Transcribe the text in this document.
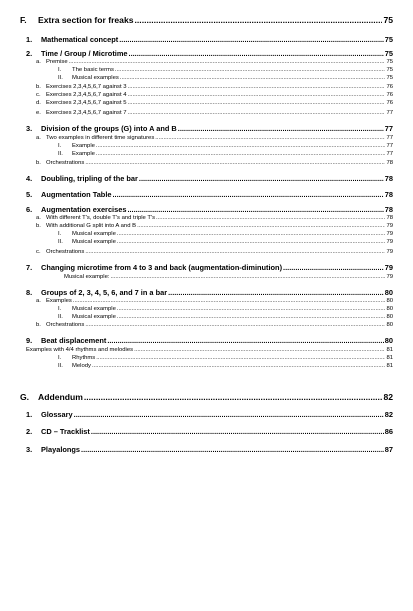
F. Extra section for freaks .....	75
1. Mathematical concept .....	75
2. Time / Group / Microtime .....	75
a. Premise .....	75
I. The basic terms .....	75
II. Musical examples .....	75
b. Exercises 2,3,4,5,6,7 against 3 .....	76
c. Exercises 2,3,4,5,6,7 against 4 .....	76
d. Exercises 2,3,4,5,6,7 against 5 .....	76
e. Exercises 2,3,4,5,6,7 against 7 .....	77
3. Division of the groups (G) into A and B .....	77
a. Two examples in different time signatures .....	77
I. Example .....	77
II. Example .....	77
b. Orchestrations .....	78
4. Doubling, tripling of the bar .....	78
5. Augmentation Table .....	78
6. Augmentation exercises .....	78
a. With different T's, double T's and triple T's .....	78
b. With additional G split into A and B .....	79
I. Musical example .....	79
II. Musical example .....	79
c. Orchestrations .....	79
7. Changing microtime from 4 to 3 and back (augmentation-diminution) .....	79
Musical example: .....	79
8. Groups of 2, 3, 4, 5, 6, and 7 in a bar .....	80
a. Examples .....	80
I. Musical example .....	80
II. Musical example .....	80
b. Orchestrations .....	80
9. Beat displacement .....	80
Examples with 4/4 rhythms and melodies .....	81
I. Rhythms .....	81
II. Melody .....	81
G. Addendum .....	82
1. Glossary .....	82
2. CD – Tracklist .....	86
3. Playalongs .....	87
